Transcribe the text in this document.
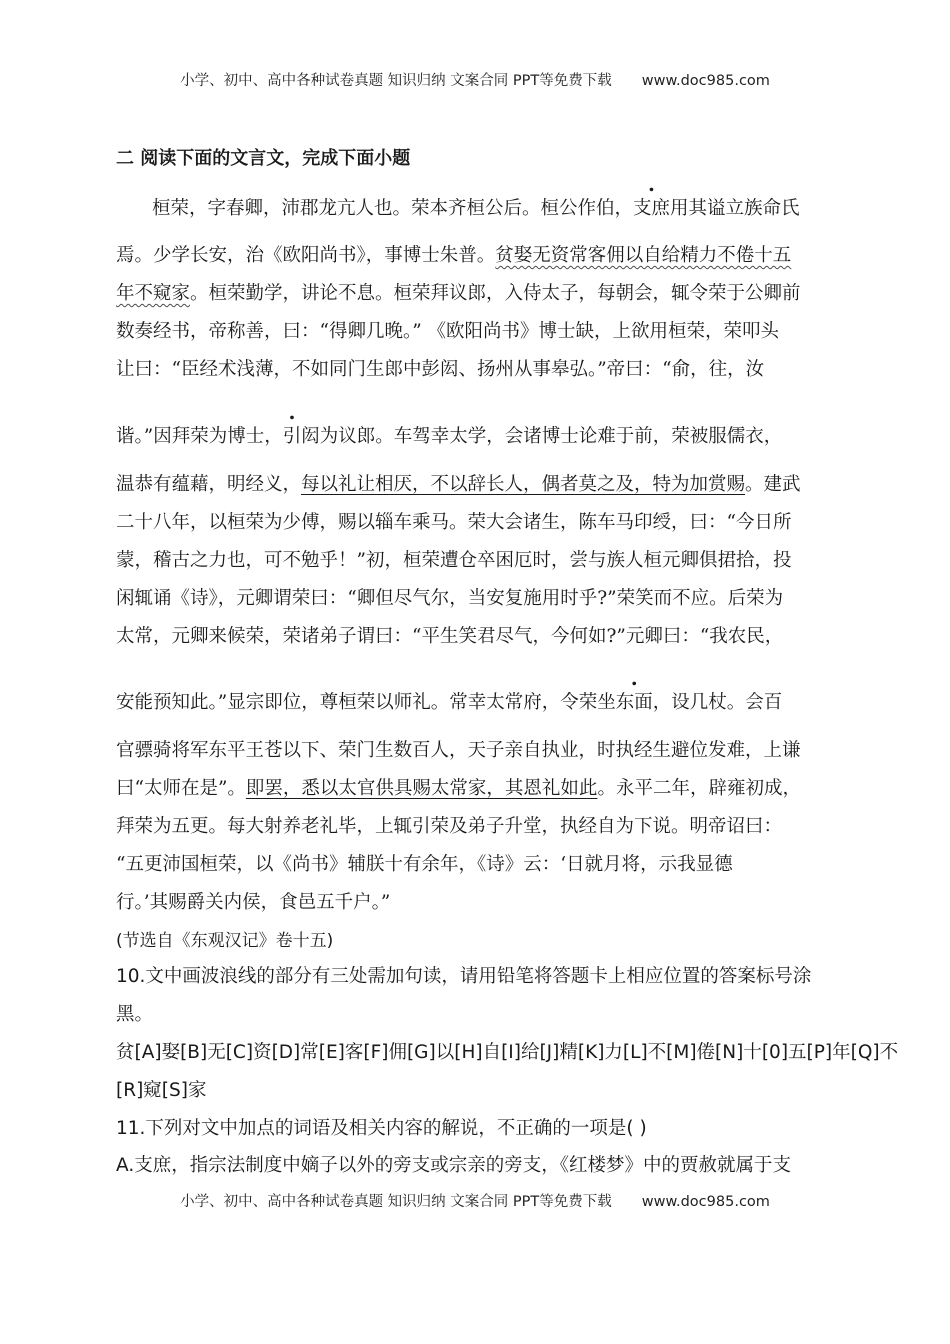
小学、初中、高中各种试卷真题 知识归纳 文案合同 PPT等免费下载 www.doc985.com
二 阅读下面的文言文，完成下面小题
桓荣，字春卿，沛郡龙亢人也。荣本齐桓公后。桓公作伯，支庶用其谥立族命氏
焉。少学长安，治《欧阳尚书》，事博士朱普。贫娶无资常客佣以自给精力不倦十五
年不窥家。桓荣勤学，讲论不息。桓荣拜议郎，入侍太子，每朝会，辄令荣于公卿前
数奏经书，帝称善，曰：“得卿几晚。” 《欧阳尚书》博士缺，上欲用桓荣，荣叩头
让曰：“臣经术浅薄，不如同门生郎中彭闳、扬州从事皋弘。”帝曰：“俞，往，汝
谐。”因拜荣为博士，引闳为议郎。车驾幸太学，会诸博士论难于前，荣被服儒衣，
温恭有蕴藉，明经义，每以礼让相厌，不以辞长人，偶者莫之及，特为加赏赐。建武
二十八年，以桓荣为少傅，赐以辎车乘马。荣大会诸生，陈车马印绶，曰：“今日所
蒙，稽古之力也，可不勉乎！”初，桓荣遭仓卒困厄时，尝与族人桓元卿俱捃拾，投
闲辄诵《诗》，元卿谓荣曰：“卿但尽气尔，当安复施用时乎?”荣笑而不应。后荣为
太常，元卿来候荣，荣诸弟子谓曰：“平生笑君尽气，今何如?”元卿曰：“我农民，
安能预知此。”显宗即位，尊桓荣以师礼。常幸太常府，令荣坐东面，设几杖。会百
官骠骑将军东平王苍以下、荣门生数百人，天子亲自执业，时执经生避位发难，上谦
曰“太师在是”。即罢，悉以太官供具赐太常家，其恩礼如此。永平二年，辟雍初成，
拜荣为五更。每大射养老礼毕，上辄引荣及弟子升堂，执经自为下说。明帝诏曰：
“五更沛国桓荣，以《尚书》辅朕十有余年，《诗》云：‘日就月将，示我显德
行。’其赐爵关内侯，食邑五千户。”
(节选自《东观汉记》卷十五)
10.文中画波浪线的部分有三处需加句读，请用铅笔将答题卡上相应位置的答案标号涂
黑。
贫[A]娶[B]无[C]资[D]常[E]客[F]佣[G]以[H]自[I]给[J]精[K]力[L]不[M]倦[N]十[0]五[P]年[Q]不
[R]窥[S]家
11.下列对文中加点的词语及相关内容的解说，不正确的一项是( )
A.支庶，指宗法制度中嫡子以外的旁支或宗亲的旁支，《红楼梦》中的贾赦就属于支
小学、初中、高中各种试卷真题 知识归纳 文案合同 PPT等免费下载 www.doc985.com
